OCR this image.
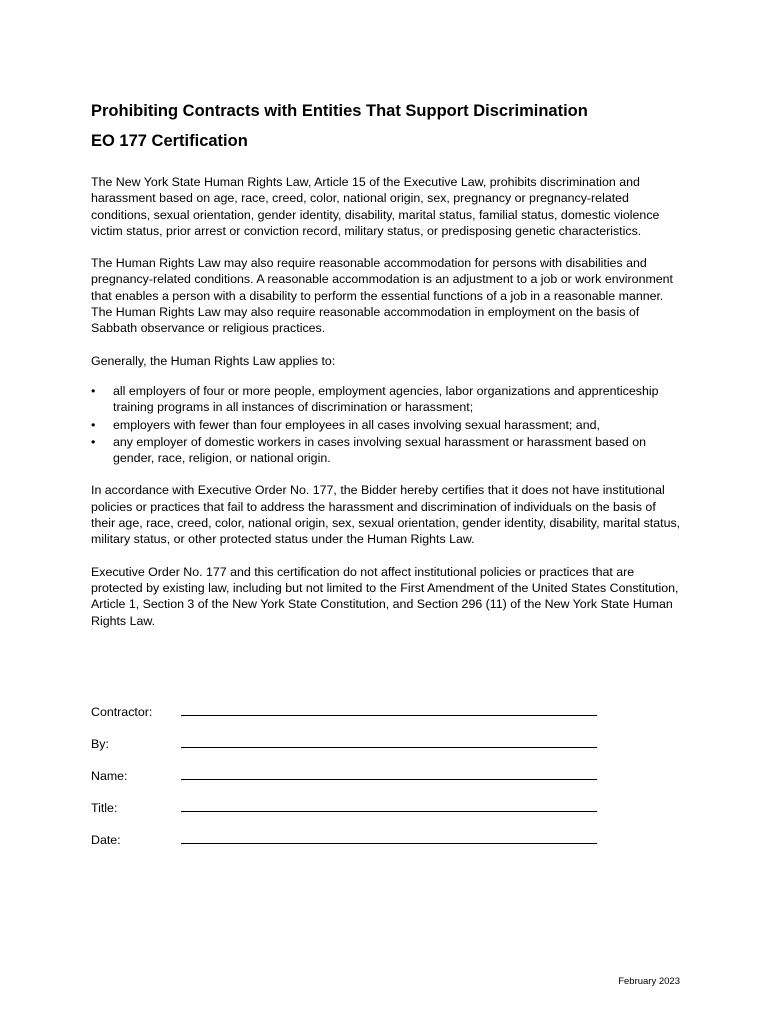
Prohibiting Contracts with Entities That Support Discrimination
EO 177 Certification

The New York State Human Rights Law, Article 15 of the Executive Law, prohibits discrimination and harassment based on age, race, creed, color, national origin, sex, pregnancy or pregnancy-related conditions, sexual orientation, gender identity, disability, marital status, familial status, domestic violence victim status, prior arrest or conviction record, military status, or predisposing genetic characteristics.

The Human Rights Law may also require reasonable accommodation for persons with disabilities and pregnancy-related conditions. A reasonable accommodation is an adjustment to a job or work environment that enables a person with a disability to perform the essential functions of a job in a reasonable manner. The Human Rights Law may also require reasonable accommodation in employment on the basis of Sabbath observance or religious practices.

Generally, the Human Rights Law applies to:

•	all employers of four or more people, employment agencies, labor organizations and apprenticeship training programs in all instances of discrimination or harassment;
•	employers with fewer than four employees in all cases involving sexual harassment; and,
•	any employer of domestic workers in cases involving sexual harassment or harassment based on gender, race, religion, or national origin.

In accordance with Executive Order No. 177, the Bidder hereby certifies that it does not have institutional policies or practices that fail to address the harassment and discrimination of individuals on the basis of their age, race, creed, color, national origin, sex, sexual orientation, gender identity, disability, marital status, military status, or other protected status under the Human Rights Law.

Executive Order No. 177 and this certification do not affect institutional policies or practices that are protected by existing law, including but not limited to the First Amendment of the United States Constitution, Article 1, Section 3 of the New York State Constitution, and Section 296 (11) of the New York State Human Rights Law.

Contractor:
By:
Name:
Title:
Date:
February 2023
